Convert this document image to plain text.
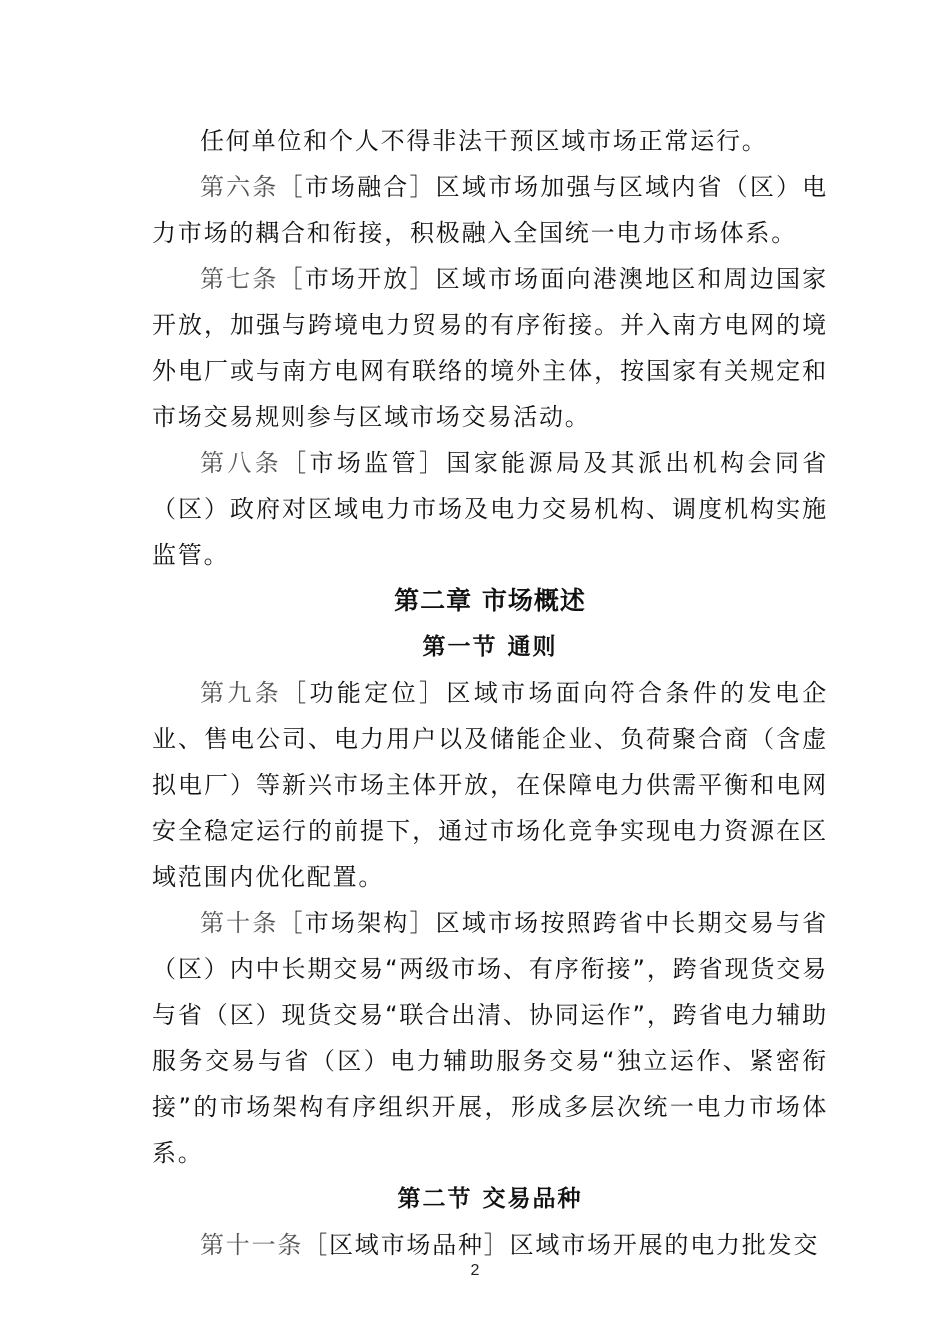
任何单位和个人不得非法干预区域市场正常运行。

第六条［市场融合］区域市场加强与区域内省（区）电力市场的耦合和衔接，积极融入全国统一电力市场体系。

第七条［市场开放］区域市场面向港澳地区和周边国家开放，加强与跨境电力贸易的有序衔接。并入南方电网的境外电厂或与南方电网有联络的境外主体，按国家有关规定和市场交易规则参与区域市场交易活动。

第八条［市场监管］国家能源局及其派出机构会同省（区）政府对区域电力市场及电力交易机构、调度机构实施监管。

第二章 市场概述
第一节 通则

第九条［功能定位］区域市场面向符合条件的发电企业、售电公司、电力用户以及储能企业、负荷聚合商（含虚拟电厂）等新兴市场主体开放，在保障电力供需平衡和电网安全稳定运行的前提下，通过市场化竞争实现电力资源在区域范围内优化配置。

第十条［市场架构］区域市场按照跨省中长期交易与省（区）内中长期交易“两级市场、有序衔接”，跨省现货交易与省（区）现货交易“联合出清、协同运作”，跨省电力辅助服务交易与省（区）电力辅助服务交易“独立运作、紧密衔接”的市场架构有序组织开展，形成多层次统一电力市场体系。

第二节 交易品种

第十一条［区域市场品种］区域市场开展的电力批发交

2
